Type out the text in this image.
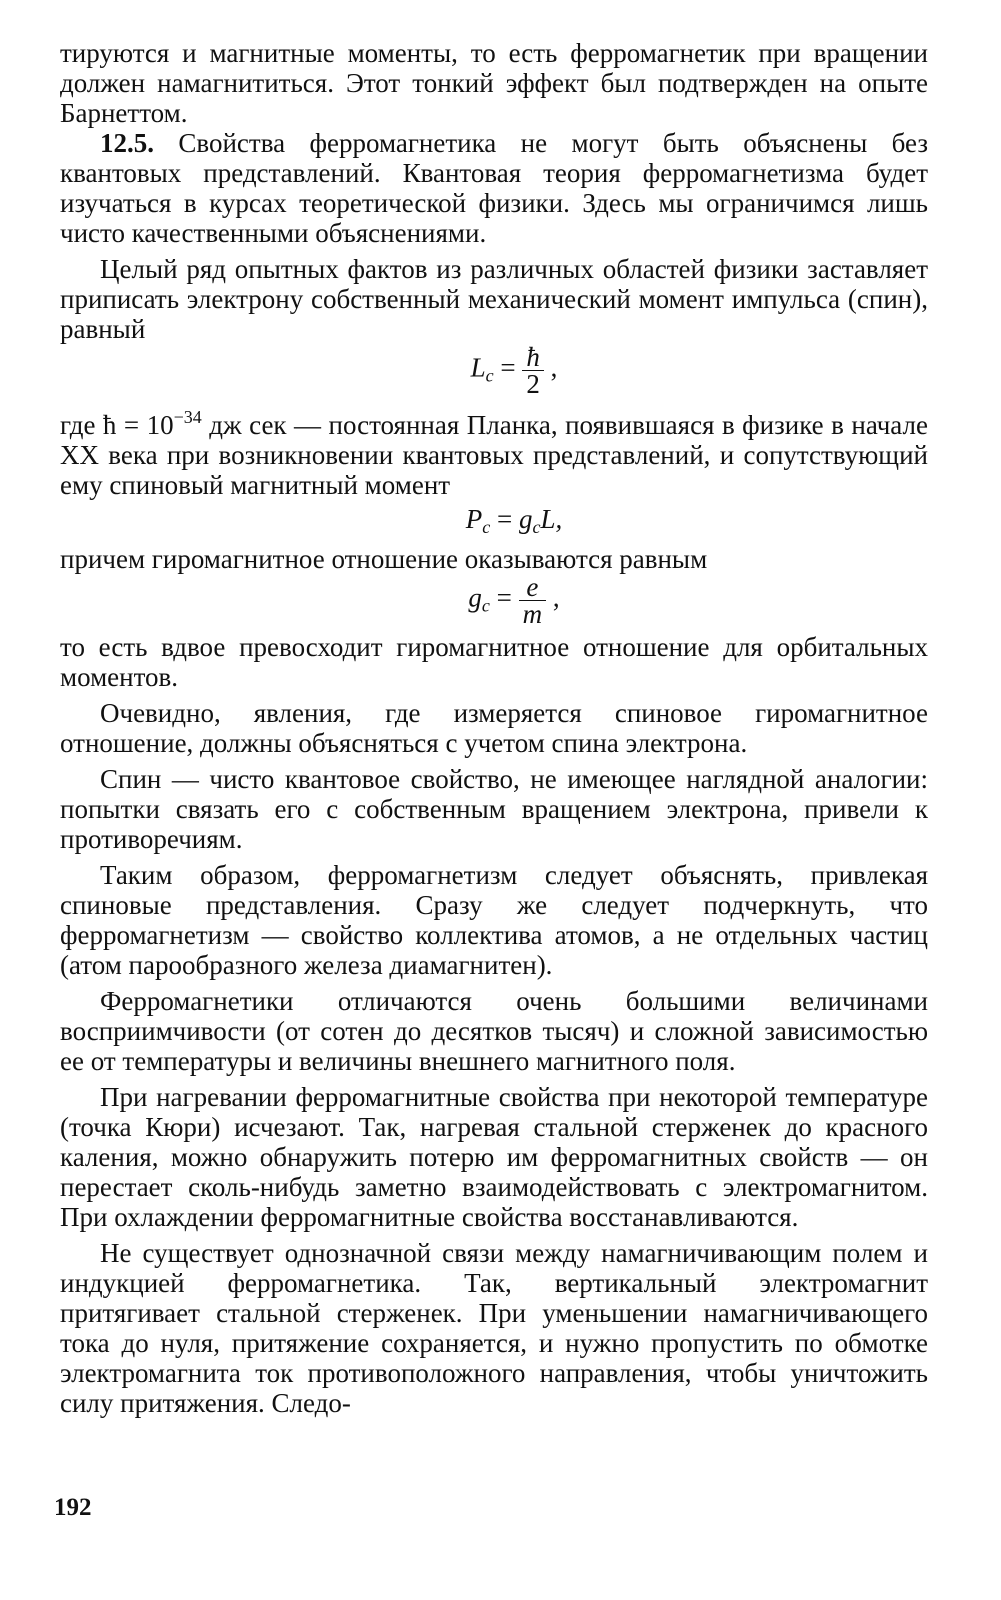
тируются и магнитные моменты, то есть ферромагнетик при вращении должен намагнититься. Этот тонкий эффект был подтвержден на опыте Барнеттом.

12.5. Свойства ферромагнетика не могут быть объяснены без квантовых представлений. Квантовая теория ферромагнетизма будет изучаться в курсах теоретической физики. Здесь мы ограничимся лишь чисто качественными объяснениями.

Целый ряд опытных фактов из различных областей физики заставляет приписать электрону собственный механический момент импульса (спин), равный

$L_c = \frac{ħ}{2}$ ,

где ħ = $10^{-34}$ дж сек — постоянная Планка, появившаяся в физике в начале XX века при возникновении квантовых представлений, и сопутствующий ему спиновый магнитный момент

$P_c = g_cL$,

причем гиромагнитное отношение оказываются равным

$g_c = \frac{e}{m}$ ,

то есть вдвое превосходит гиромагнитное отношение для орбитальных моментов.

Очевидно, явления, где измеряется спиновое гиромагнитное отношение, должны объясняться с учетом спина электрона.

Спин — чисто квантовое свойство, не имеющее наглядной аналогии: попытки связать его с собственным вращением электрона, привели к противоречиям.

Таким образом, ферромагнетизм следует объяснять, привлекая спиновые представления. Сразу же следует подчеркнуть, что ферромагнетизм — свойство коллектива атомов, а не отдельных частиц (атом парообразного железа диамагнитен).

Ферромагнетики отличаются очень большими величинами восприимчивости (от сотен до десятков тысяч) и сложной зависимостью ее от температуры и величины внешнего магнитного поля.

При нагревании ферромагнитные свойства при некоторой температуре (точка Кюри) исчезают. Так, нагревая стальной стерженек до красного каления, можно обнаружить потерю им ферромагнитных свойств — он перестает сколь-нибудь заметно взаимодействовать с электромагнитом. При охлаждении ферромагнитные свойства восстанавливаются.

Не существует однозначной связи между намагничивающим полем и индукцией ферромагнетика. Так, вертикальный электромагнит притягивает стальной стерженек. При уменьшении намагничивающего тока до нуля, притяжение сохраняется, и нужно пропустить по обмотке электромагнита ток противоположного направления, чтобы уничтожить силу притяжения. Следо-

192
